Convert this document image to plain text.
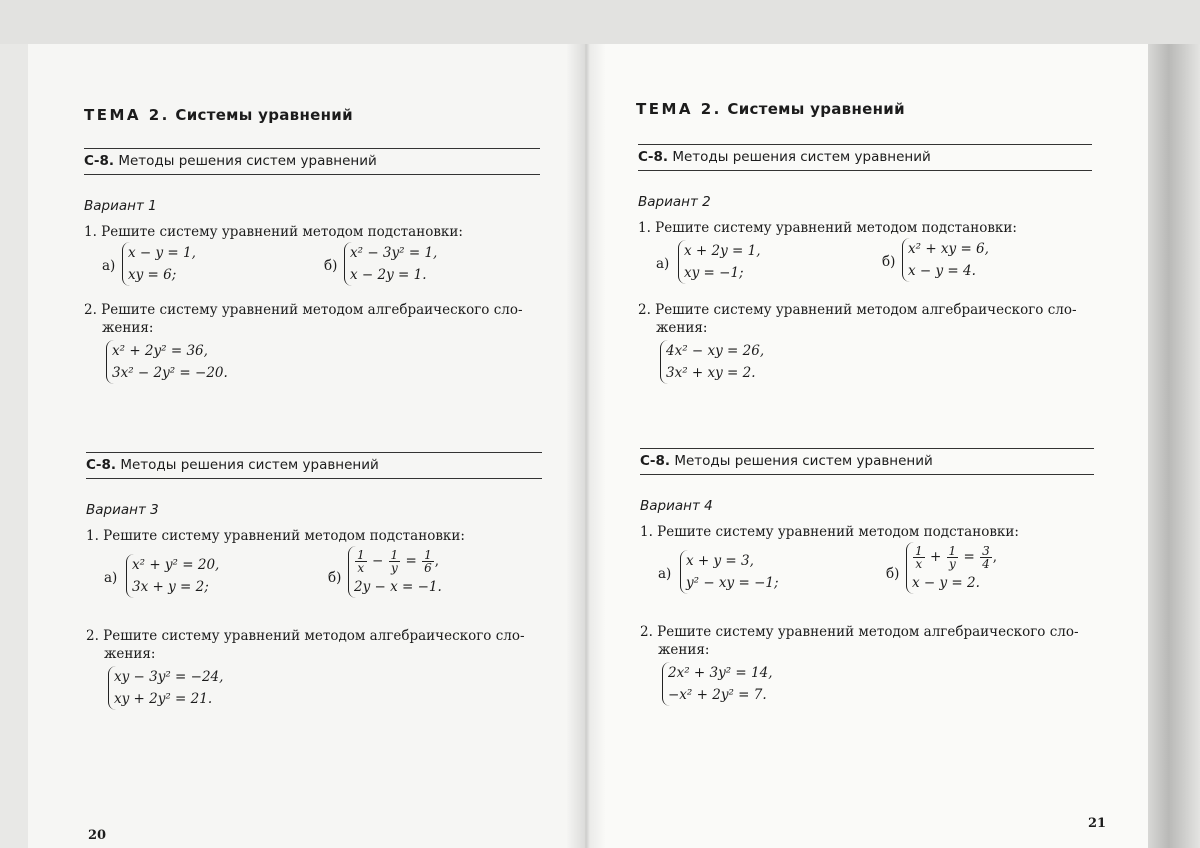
ТЕМА 2. Системы уравнений
С-8. Методы решения систем уравнений
Вариант 1
1. Решите систему уравнений методом подстановки:
а)
x − y = 1,
xy = 6;
б)
x² − 3y² = 1,
x − 2y = 1.
2. Решите систему уравнений методом алгебраического сло-
жения:
x² + 2y² = 36,
3x² − 2y² = −20.
С-8. Методы решения систем уравнений
Вариант 3
1. Решите систему уравнений методом подстановки:
а)
x² + y² = 20,
3x + y = 2;
б)
$\frac{1}{x} - \frac{1}{y} = \frac{1}{6}$ ,
2y − x = −1.
2. Решите систему уравнений методом алгебраического сло-
жения:
xy − 3y² = −24,
xy + 2y² = 21.
20
ТЕМА 2. Системы уравнений
С-8. Методы решения систем уравнений
Вариант 2
1. Решите систему уравнений методом подстановки:
а)
x + 2y = 1,
xy = −1;
б)
x² + xy = 6,
x − y = 4.
2. Решите систему уравнений методом алгебраического сло-
жения:
4x² − xy = 26,
3x² + xy = 2.
С-8. Методы решения систем уравнений
Вариант 4
1. Решите систему уравнений методом подстановки:
а)
x + y = 3,
y² − xy = −1;
б)
$\frac{1}{x} + \frac{1}{y} = \frac{3}{4}$ ,
x − y = 2.
2. Решите систему уравнений методом алгебраического сло-
жения:
2x² + 3y² = 14,
−x² + 2y² = 7.
21
